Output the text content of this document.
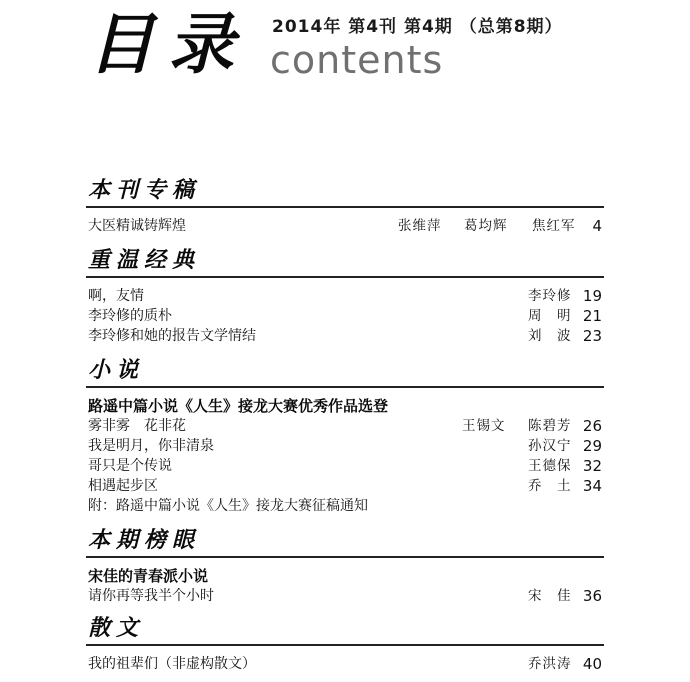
目录 2014年 第4刊 第4期 （总第8期）
contents
本刊专稿
大医精诚铸辉煌	张维萍 葛均辉 焦红军 4
重温经典
啊，友情	李玲修 19
李玲修的质朴	周　明 21
李玲修和她的报告文学情结	刘　波 23
小说
路遥中篇小说《人生》接龙大赛优秀作品选登
雾非雾　花非花	王锡文 陈碧芳 26
我是明月，你非清泉	孙汉宁 29
哥只是个传说	王德保 32
相遇起步区	乔　土 34
附：路遥中篇小说《人生》接龙大赛征稿通知
本期榜眼
宋佳的青春派小说
请你再等我半个小时	宋　佳 36
散文
我的祖辈们（非虚构散文）	乔洪涛 40
